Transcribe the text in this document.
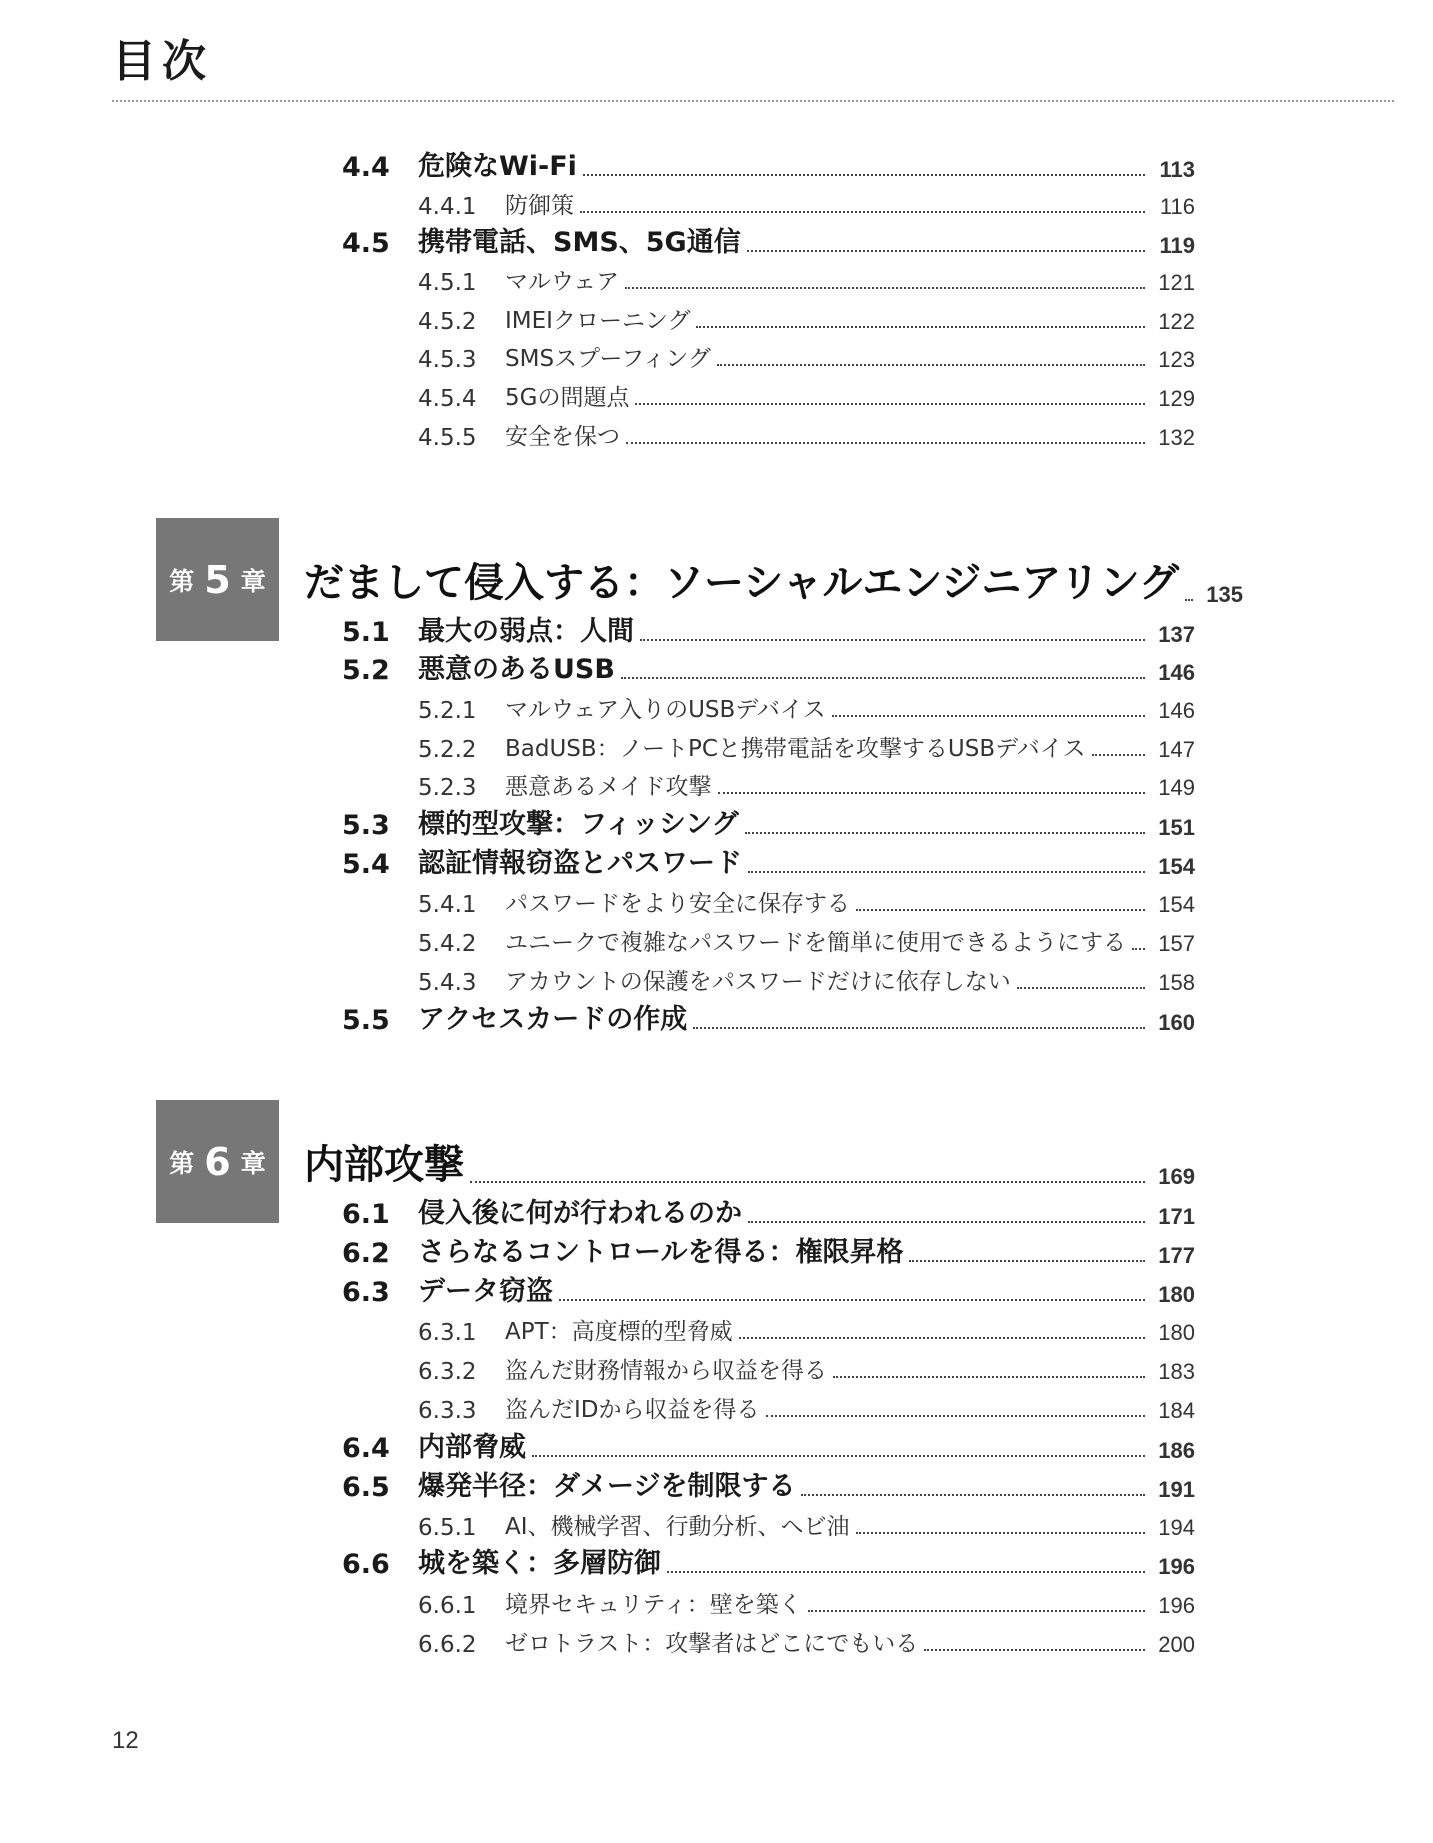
目次
4.4	危険なWi-Fi	113
4.4.1	防御策	116
4.5	携帯電話、SMS、5G通信	119
4.5.1	マルウェア	121
4.5.2	IMEIクローニング	122
4.5.3	SMSスプーフィング	123
4.5.4	5Gの問題点	129
4.5.5	安全を保つ	132
だまして侵入する：ソーシャルエンジニアリング	135
第 5 章
5.1	最大の弱点：人間	137
5.2	悪意のあるUSB	146
5.2.1	マルウェア入りのUSBデバイス	146
5.2.2	BadUSB：ノートPCと携帯電話を攻撃するUSBデバイス	147
5.2.3	悪意あるメイド攻撃	149
5.3	標的型攻撃：フィッシング	151
5.4	認証情報窃盗とパスワード	154
5.4.1	パスワードをより安全に保存する	154
5.4.2	ユニークで複雑なパスワードを簡単に使用できるようにする	157
5.4.3	アカウントの保護をパスワードだけに依存しない	158
5.5	アクセスカードの作成	160
内部攻撃	169
第 6 章
6.1	侵入後に何が行われるのか	171
6.2	さらなるコントロールを得る：権限昇格	177
6.3	データ窃盗	180
6.3.1	APT：高度標的型脅威	180
6.3.2	盗んだ財務情報から収益を得る	183
6.3.3	盗んだIDから収益を得る	184
6.4	内部脅威	186
6.5	爆発半径：ダメージを制限する	191
6.5.1	AI、機械学習、行動分析、ヘビ油	194
6.6	城を築く：多層防御	196
6.6.1	境界セキュリティ：壁を築く	196
6.6.2	ゼロトラスト：攻撃者はどこにでもいる	200
12
